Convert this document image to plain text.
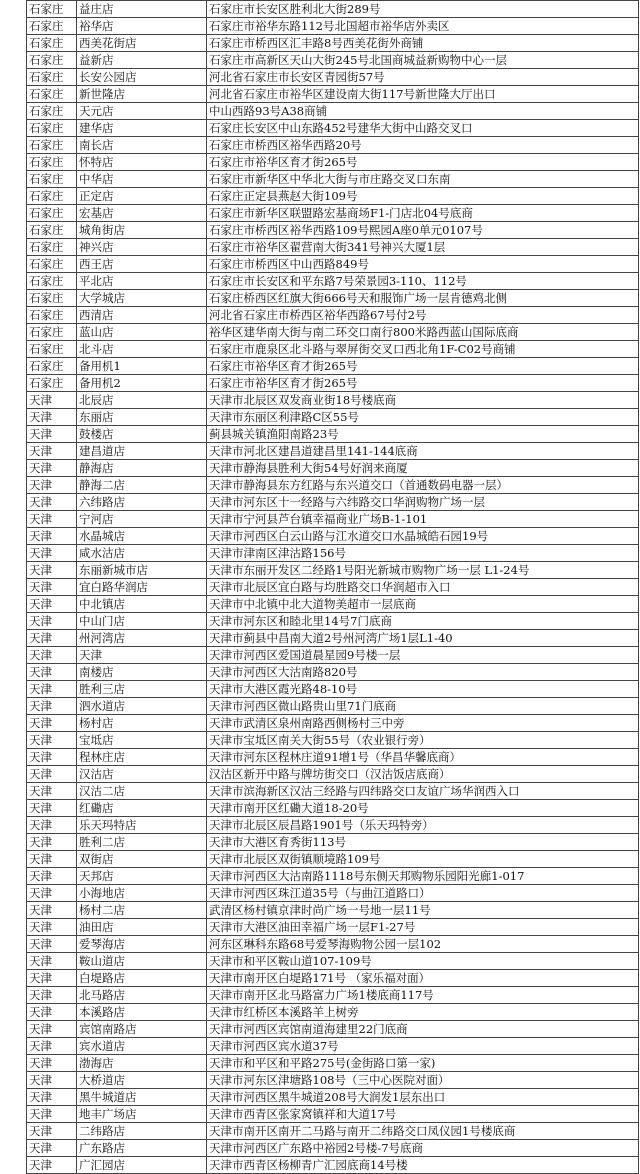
石家庄	益庄店	石家庄市长安区胜利北大街289号
石家庄	裕华店	石家庄市裕华东路112号北国超市裕华店外卖区
石家庄	西美花街店	石家庄市桥西区汇丰路8号西美花街外商铺
石家庄	益新店	石家庄市高新区天山大街245号北国商城益新购物中心一层
石家庄	长安公园店	河北省石家庄市长安区青园街57号
石家庄	新世隆店	河北省石家庄市裕华区建设南大街117号新世隆大厅出口
石家庄	天元店	中山西路93号A38商铺
石家庄	建华店	石家庄长安区中山东路452号建华大街中山路交叉口
石家庄	南长店	石家庄市桥西区裕华西路20号
石家庄	怀特店	石家庄市裕华区育才街265号
石家庄	中华店	石家庄市新华区中华北大街与市庄路交叉口东南
石家庄	正定店	石家庄正定县燕赵大街109号
石家庄	宏基店	石家庄市新华区联盟路宏基商场F1-门店北04号底商
石家庄	城角街店	石家庄市桥西区裕华西路109号熙园A座0单元0107号
石家庄	神兴店	石家庄市裕华区翟营南大街341号神兴大厦1层
石家庄	西王店	石家庄市桥西区中山西路849号
石家庄	平北店	石家庄市长安区和平东路7号荣景园3-110、112号
石家庄	大学城店	石家庄桥西区红旗大街666号天和服饰广场一层肯德鸡北侧
石家庄	西清店	河北省石家庄市桥西区裕华西路67号付2号
石家庄	蓝山店	裕华区建华南大街与南二环交口南行800米路西蓝山国际底商
石家庄	北斗店	石家庄市鹿泉区北斗路与翠屏街交叉口西北角1F-C02号商铺
石家庄	备用机1	石家庄市裕华区育才街265号
石家庄	备用机2	石家庄市裕华区育才街265号
天津	北辰店	天津市北辰区双发商业街18号楼底商
天津	东丽店	天津市东丽区利津路C区55号
天津	鼓楼店	蓟县城关镇渔阳南路23号
天津	建昌道店	天津市河北区建昌道建昌里141-144底商
天津	静海店	天津市静海县胜利大街54号好润来商厦
天津	静海二店	天津市静海县东方红路与东兴道交口（首通数码电器一层）
天津	六纬路店	天津市河东区十一经路与六纬路交口华润购物广场一层
天津	宁河店	天津市宁河县芦台镇幸福商业广场B-1-101
天津	水晶城店	天津市河西区白云山路与江水道交口水晶城皓石园19号
天津	咸水沽店	天津市津南区津沽路156号
天津	东丽新城市店	天津市东丽开发区二经路1号阳光新城市购物广场一层 L1-24号
天津	宜白路华润店	天津市北辰区宜白路与均胜路交口华润超市入口
天津	中北镇店	天津市中北镇中北大道物美超市一层底商
天津	中山门店	天津市河东区和睦北里14号7门底商
天津	州河湾店	天津市蓟县中昌南大道2号州河湾广场1层L1-40
天津	天津	天津市河西区爱国道晨星园9号楼一层
天津	南楼店	天津市河西区大沽南路820号
天津	胜利三店	天津市大港区霞光路48-10号
天津	泗水道店	天津市河西区微山路贵山里71门底商
天津	杨村店	天津市武清区泉州南路西侧杨村三中旁
天津	宝坻店	天津市宝坻区南关大街55号（农业银行旁）
天津	程林庄店	天津市河东区程林庄道91增1号（华昌华馨底商）
天津	汉沽店	汉沽区新开中路与牌坊街交口（汉沽饭店底商）
天津	汉沽二店	天津市滨海新区汉沽三经路与四纬路交口友谊广场华润西入口
天津	红磡店	天津市南开区红磡大道18-20号
天津	乐天玛特店	天津市北辰区辰昌路1901号（乐天玛特旁）
天津	胜利二店	天津市大港区育秀街113号
天津	双街店	天津市北辰区双街镇顺境路109号
天津	天邦店	天津市河西区大沽南路1118号东侧天邦购物乐园阳光廊1-017
天津	小海地店	天津市河西区珠江道35号（与曲江道路口）
天津	杨村二店	武清区杨村镇京津时尚广场一号地一层11号
天津	油田店	天津市大港区油田幸福广场一层F1-27号
天津	爱琴海店	河东区琳科东路68号爱琴海购物公园一层102
天津	鞍山道店	天津市和平区鞍山道107-109号
天津	白堤路店	天津市南开区白堤路171号 （家乐福对面）
天津	北马路店	天津市南开区北马路富力广场1楼底商117号
天津	本溪路店	天津市红桥区本溪路羊上树旁
天津	宾馆南路店	天津市河西区宾馆南道海建里22门底商
天津	宾水道店	天津市河西区宾水道37号
天津	渤海店	天津市和平区和平路275号(金街路口第一家)
天津	大桥道店	天津市河东区津塘路108号（三中心医院对面）
天津	黑牛城道店	天津市河西区黑牛城道208号大润发1层东出口
天津	地丰广场店	天津市西青区张家窝镇祥和大道17号
天津	二纬路店	天津市南开区南开二马路与南开二纬路交口凤仪园1号楼底商
天津	广东路店	天津市河西区广东路中裕园2号楼-7号底商
天津	广汇园店	天津市西青区杨柳青广汇园底商14号楼
